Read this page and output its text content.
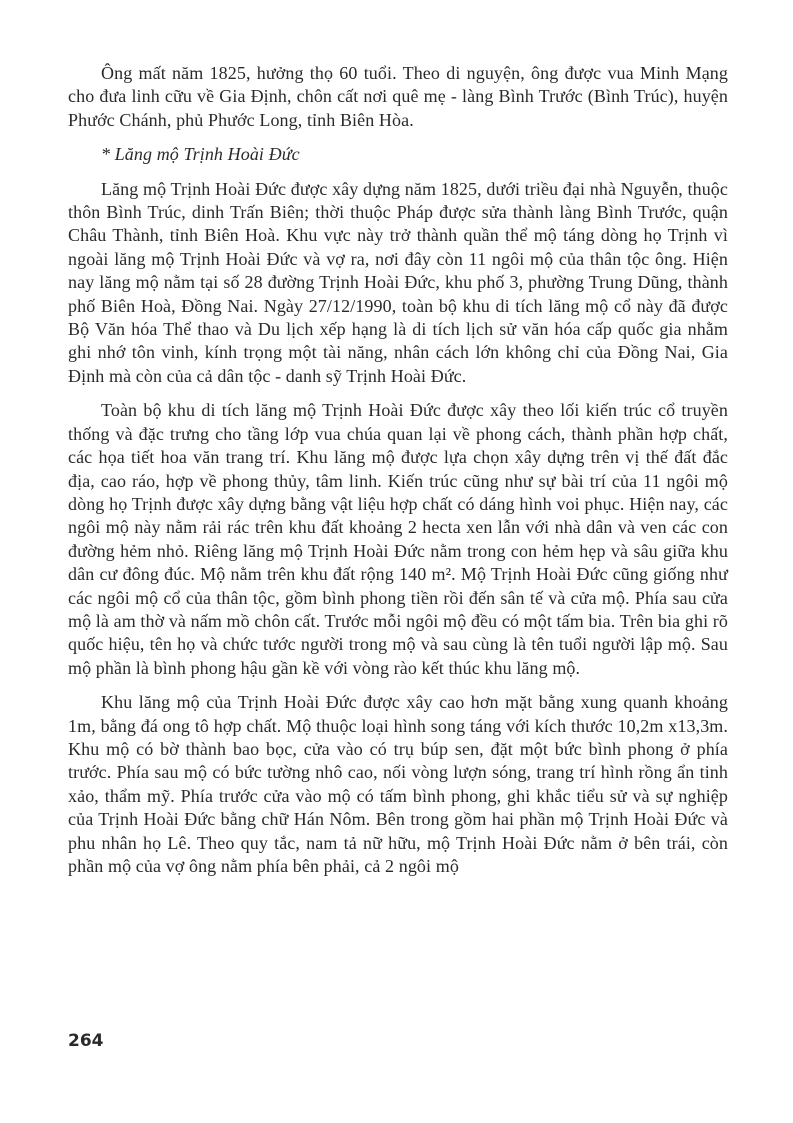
Ông mất năm 1825, hưởng thọ 60 tuổi. Theo di nguyện, ông được vua Minh Mạng cho đưa linh cữu về Gia Định, chôn cất nơi quê mẹ - làng Bình Trước (Bình Trúc), huyện Phước Chánh, phủ Phước Long, tỉnh Biên Hòa.

* Lăng mộ Trịnh Hoài Đức

Lăng mộ Trịnh Hoài Đức được xây dựng năm 1825, dưới triều đại nhà Nguyễn, thuộc thôn Bình Trúc, dinh Trấn Biên; thời thuộc Pháp được sửa thành làng Bình Trước, quận Châu Thành, tỉnh Biên Hoà. Khu vực này trở thành quần thể mộ táng dòng họ Trịnh vì ngoài lăng mộ Trịnh Hoài Đức và vợ ra, nơi đây còn 11 ngôi mộ của thân tộc ông. Hiện nay lăng mộ nằm tại số 28 đường Trịnh Hoài Đức, khu phố 3, phường Trung Dũng, thành phố Biên Hoà, Đồng Nai. Ngày 27/12/1990, toàn bộ khu di tích lăng mộ cổ này đã được Bộ Văn hóa Thể thao và Du lịch xếp hạng là di tích lịch sử văn hóa cấp quốc gia nhằm ghi nhớ tôn vinh, kính trọng một tài năng, nhân cách lớn không chỉ của Đồng Nai, Gia Định mà còn của cả dân tộc - danh sỹ Trịnh Hoài Đức.

Toàn bộ khu di tích lăng mộ Trịnh Hoài Đức được xây theo lối kiến trúc cổ truyền thống và đặc trưng cho tầng lớp vua chúa quan lại về phong cách, thành phần hợp chất, các họa tiết hoa văn trang trí. Khu lăng mộ được lựa chọn xây dựng trên vị thế đất đắc địa, cao ráo, hợp về phong thủy, tâm linh. Kiến trúc cũng như sự bài trí của 11 ngôi mộ dòng họ Trịnh được xây dựng bằng vật liệu hợp chất có dáng hình voi phục. Hiện nay, các ngôi mộ này nằm rải rác trên khu đất khoảng 2 hecta xen lẫn với nhà dân và ven các con đường hẻm nhỏ. Riêng lăng mộ Trịnh Hoài Đức nằm trong con hẻm hẹp và sâu giữa khu dân cư đông đúc. Mộ nằm trên khu đất rộng 140 m². Mộ Trịnh Hoài Đức cũng giống như các ngôi mộ cổ của thân tộc, gồm bình phong tiền rồi đến sân tế và cửa mộ. Phía sau cửa mộ là am thờ và nấm mồ chôn cất. Trước mỗi ngôi mộ đều có một tấm bia. Trên bia ghi rõ quốc hiệu, tên họ và chức tước người trong mộ và sau cùng là tên tuổi người lập mộ. Sau mộ phần là bình phong hậu gần kề với vòng rào kết thúc khu lăng mộ.

Khu lăng mộ của Trịnh Hoài Đức được xây cao hơn mặt bằng xung quanh khoảng 1m, bằng đá ong tô hợp chất. Mộ thuộc loại hình song táng với kích thước 10,2m x13,3m. Khu mộ có bờ thành bao bọc, cửa vào có trụ búp sen, đặt một bức bình phong ở phía trước. Phía sau mộ có bức tường nhô cao, nối vòng lượn sóng, trang trí hình rồng ẩn tinh xảo, thẩm mỹ. Phía trước cửa vào mộ có tấm bình phong, ghi khắc tiểu sử và sự nghiệp của Trịnh Hoài Đức bằng chữ Hán Nôm. Bên trong gồm hai phần mộ Trịnh Hoài Đức và phu nhân họ Lê. Theo quy tắc, nam tả nữ hữu, mộ Trịnh Hoài Đức nằm ở bên trái, còn phần mộ của vợ ông nằm phía bên phải, cả 2 ngôi mộ

264
